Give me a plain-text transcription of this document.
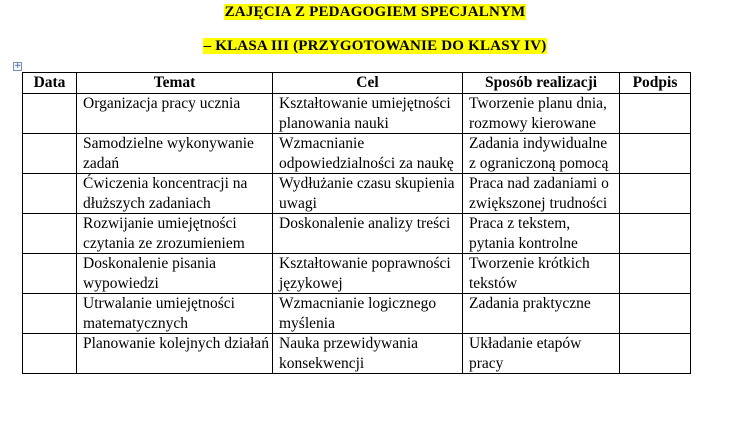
ZAJĘCIA Z PEDAGOGIEM SPECJALNYM
– KLASA III (PRZYGOTOWANIE DO KLASY IV)
+
Data	Temat	Cel	Sposób realizacji	Podpis
	Organizacja pracy ucznia	Kształtowanie umiejętności planowania nauki	Tworzenie planu dnia, rozmowy kierowane	
	Samodzielne wykonywanie zadań	Wzmacnianie odpowiedzialności za naukę	Zadania indywidualne z ograniczoną pomocą	
	Ćwiczenia koncentracji na dłuższych zadaniach	Wydłużanie czasu skupienia uwagi	Praca nad zadaniami o zwiększonej trudności	
	Rozwijanie umiejętności czytania ze zrozumieniem	Doskonalenie analizy treści	Praca z tekstem, pytania kontrolne	
	Doskonalenie pisania wypowiedzi	Kształtowanie poprawności językowej	Tworzenie krótkich tekstów	
	Utrwalanie umiejętności matematycznych	Wzmacnianie logicznego myślenia	Zadania praktyczne	
	Planowanie kolejnych działań	Nauka przewidywania konsekwencji	Układanie etapów pracy	
